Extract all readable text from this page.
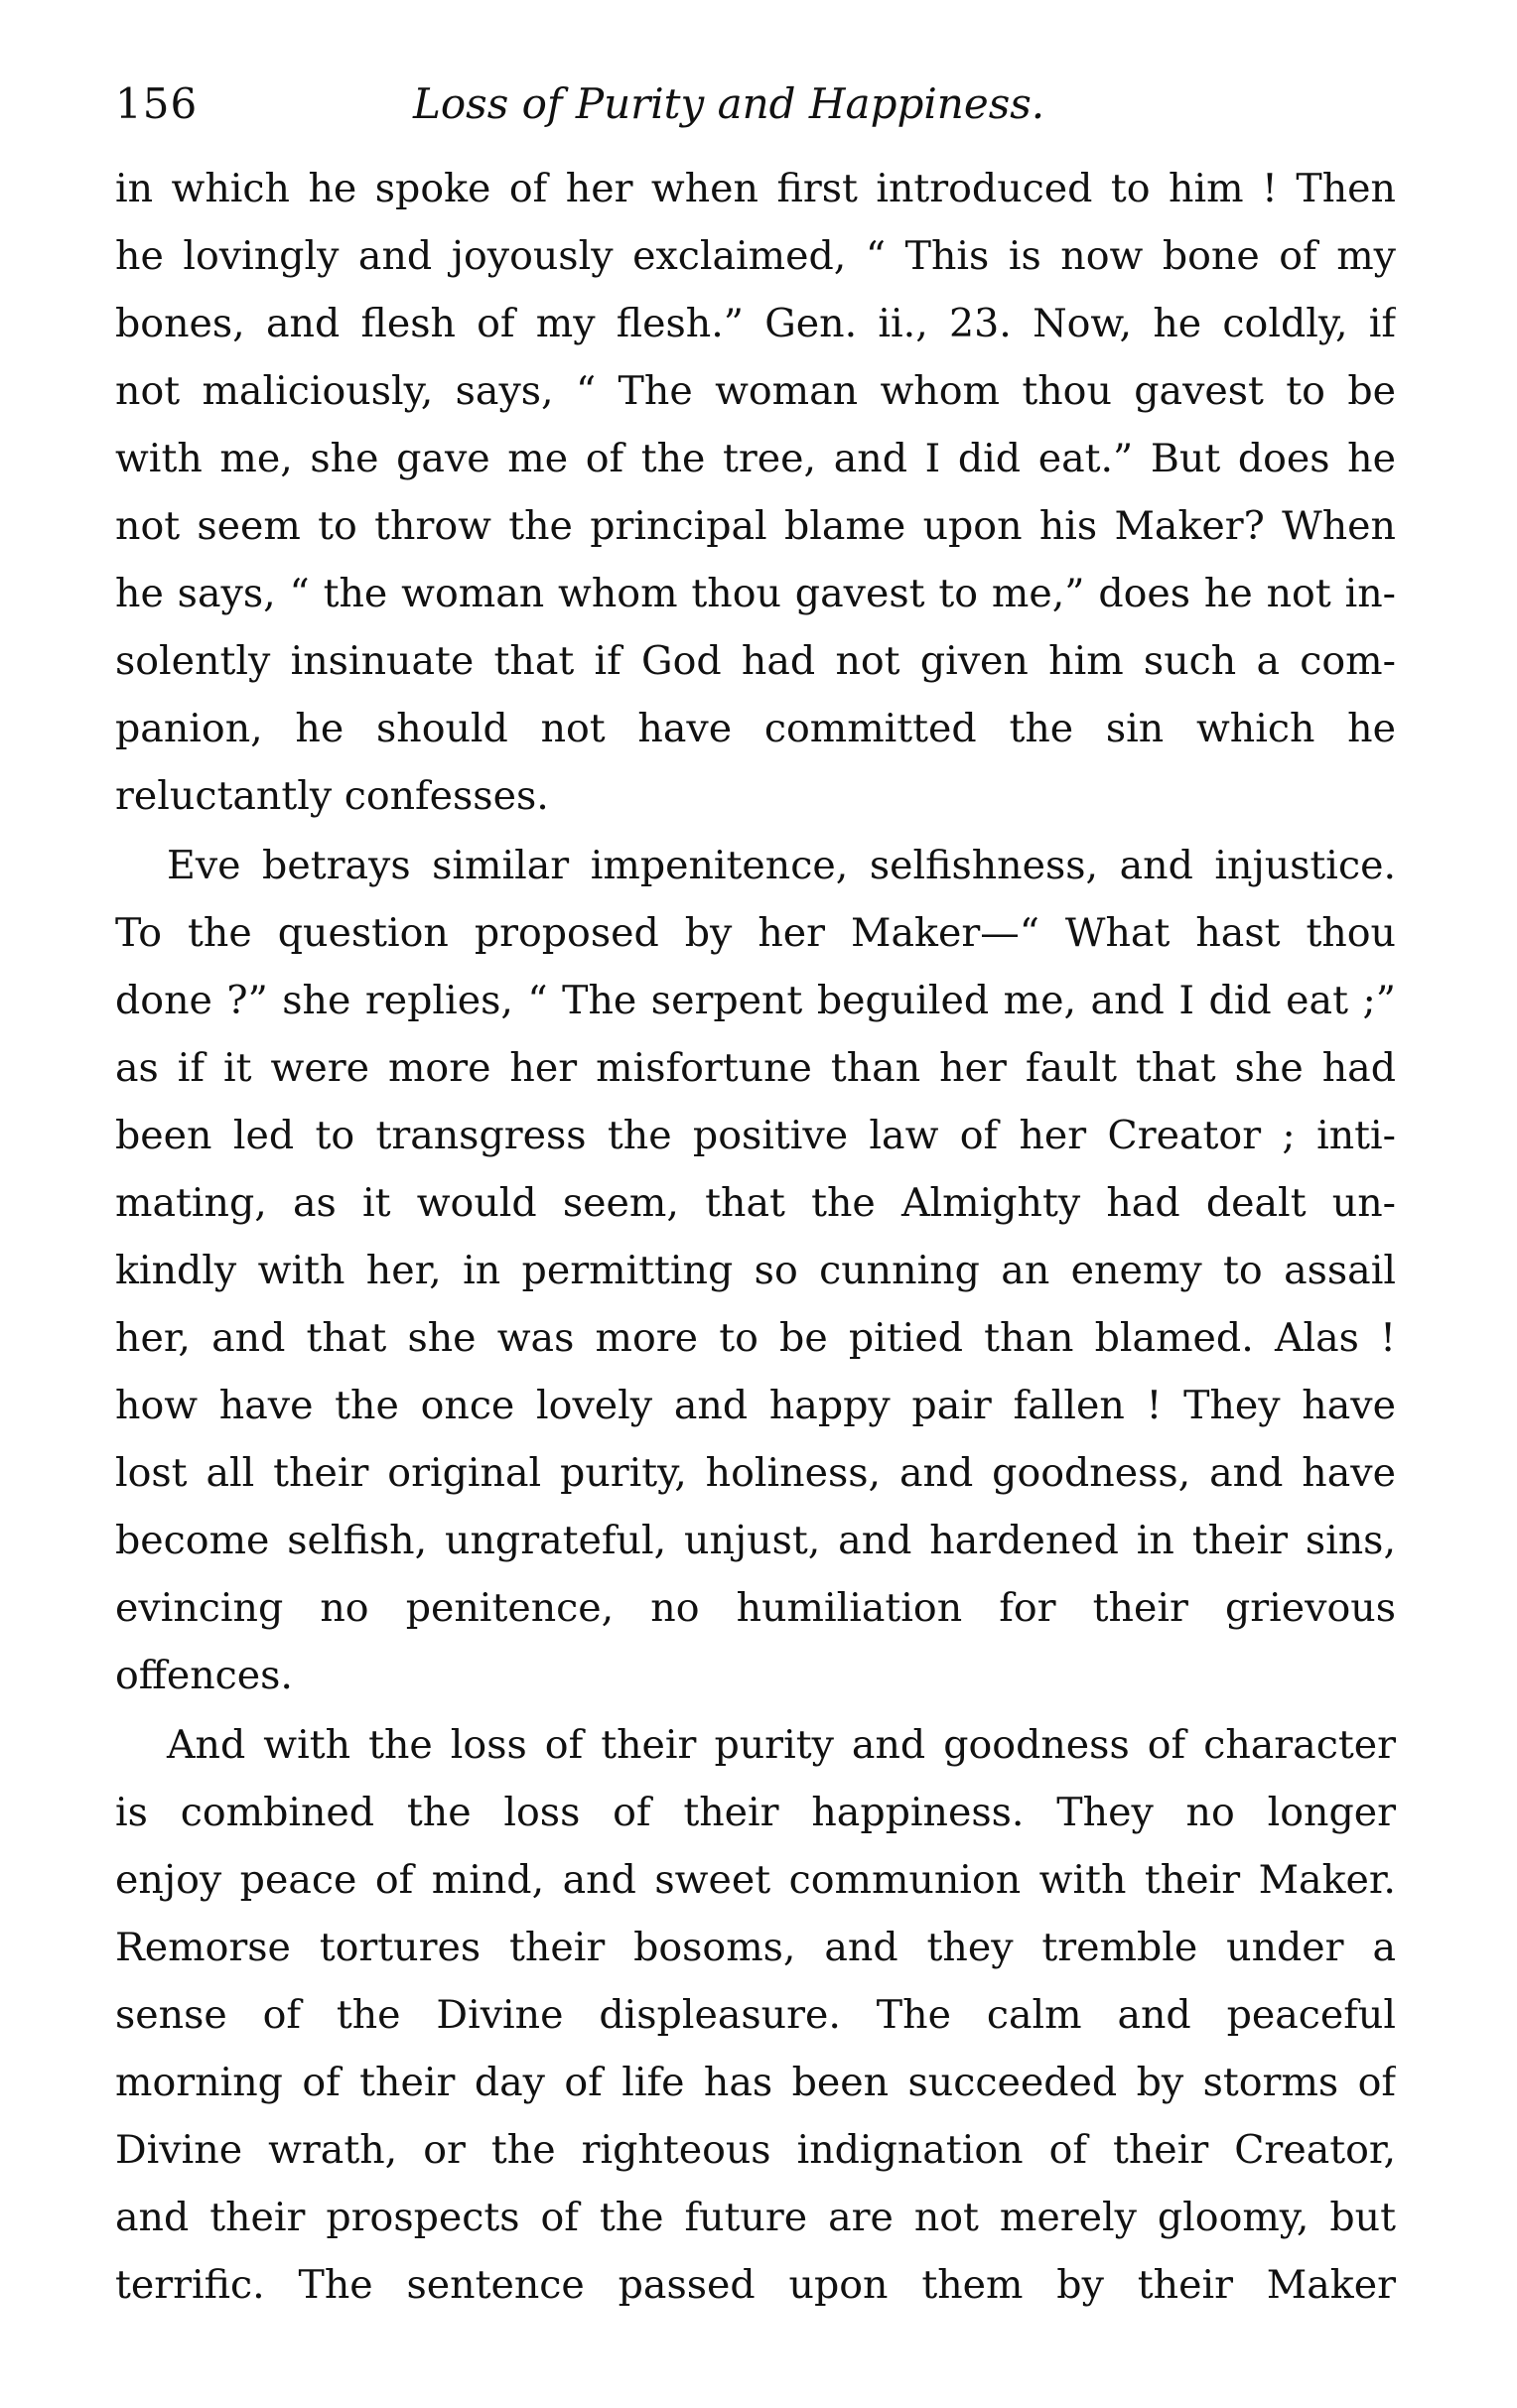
156	Loss of Purity and Happiness.
in which he spoke of her when first introduced to him ! Then
he lovingly and joyously exclaimed, “ This is now bone of my
bones, and flesh of my flesh.” Gen. ii., 23. Now, he coldly, if
not maliciously, says, “ The woman whom thou gavest to be
with me, she gave me of the tree, and I did eat.” But does he
not seem to throw the principal blame upon his Maker? When
he says, “ the woman whom thou gavest to me,” does he not in-
solently insinuate that if God had not given him such a com-
panion, he should not have committed the sin which he
reluctantly confesses.
Eve betrays similar impenitence, selfishness, and injustice.
To the question proposed by her Maker—“ What hast thou
done ?” she replies, “ The serpent beguiled me, and I did eat ;”
as if it were more her misfortune than her fault that she had
been led to transgress the positive law of her Creator ; inti-
mating, as it would seem, that the Almighty had dealt un-
kindly with her, in permitting so cunning an enemy to assail
her, and that she was more to be pitied than blamed. Alas !
how have the once lovely and happy pair fallen ! They have
lost all their original purity, holiness, and goodness, and have
become selfish, ungrateful, unjust, and hardened in their sins,
evincing no penitence, no humiliation for their grievous
offences.
And with the loss of their purity and goodness of character
is combined the loss of their happiness. They no longer
enjoy peace of mind, and sweet communion with their Maker.
Remorse tortures their bosoms, and they tremble under a
sense of the Divine displeasure. The calm and peaceful
morning of their day of life has been succeeded by storms of
Divine wrath, or the righteous indignation of their Creator,
and their prospects of the future are not merely gloomy, but
terrific. The sentence passed upon them by their Maker
